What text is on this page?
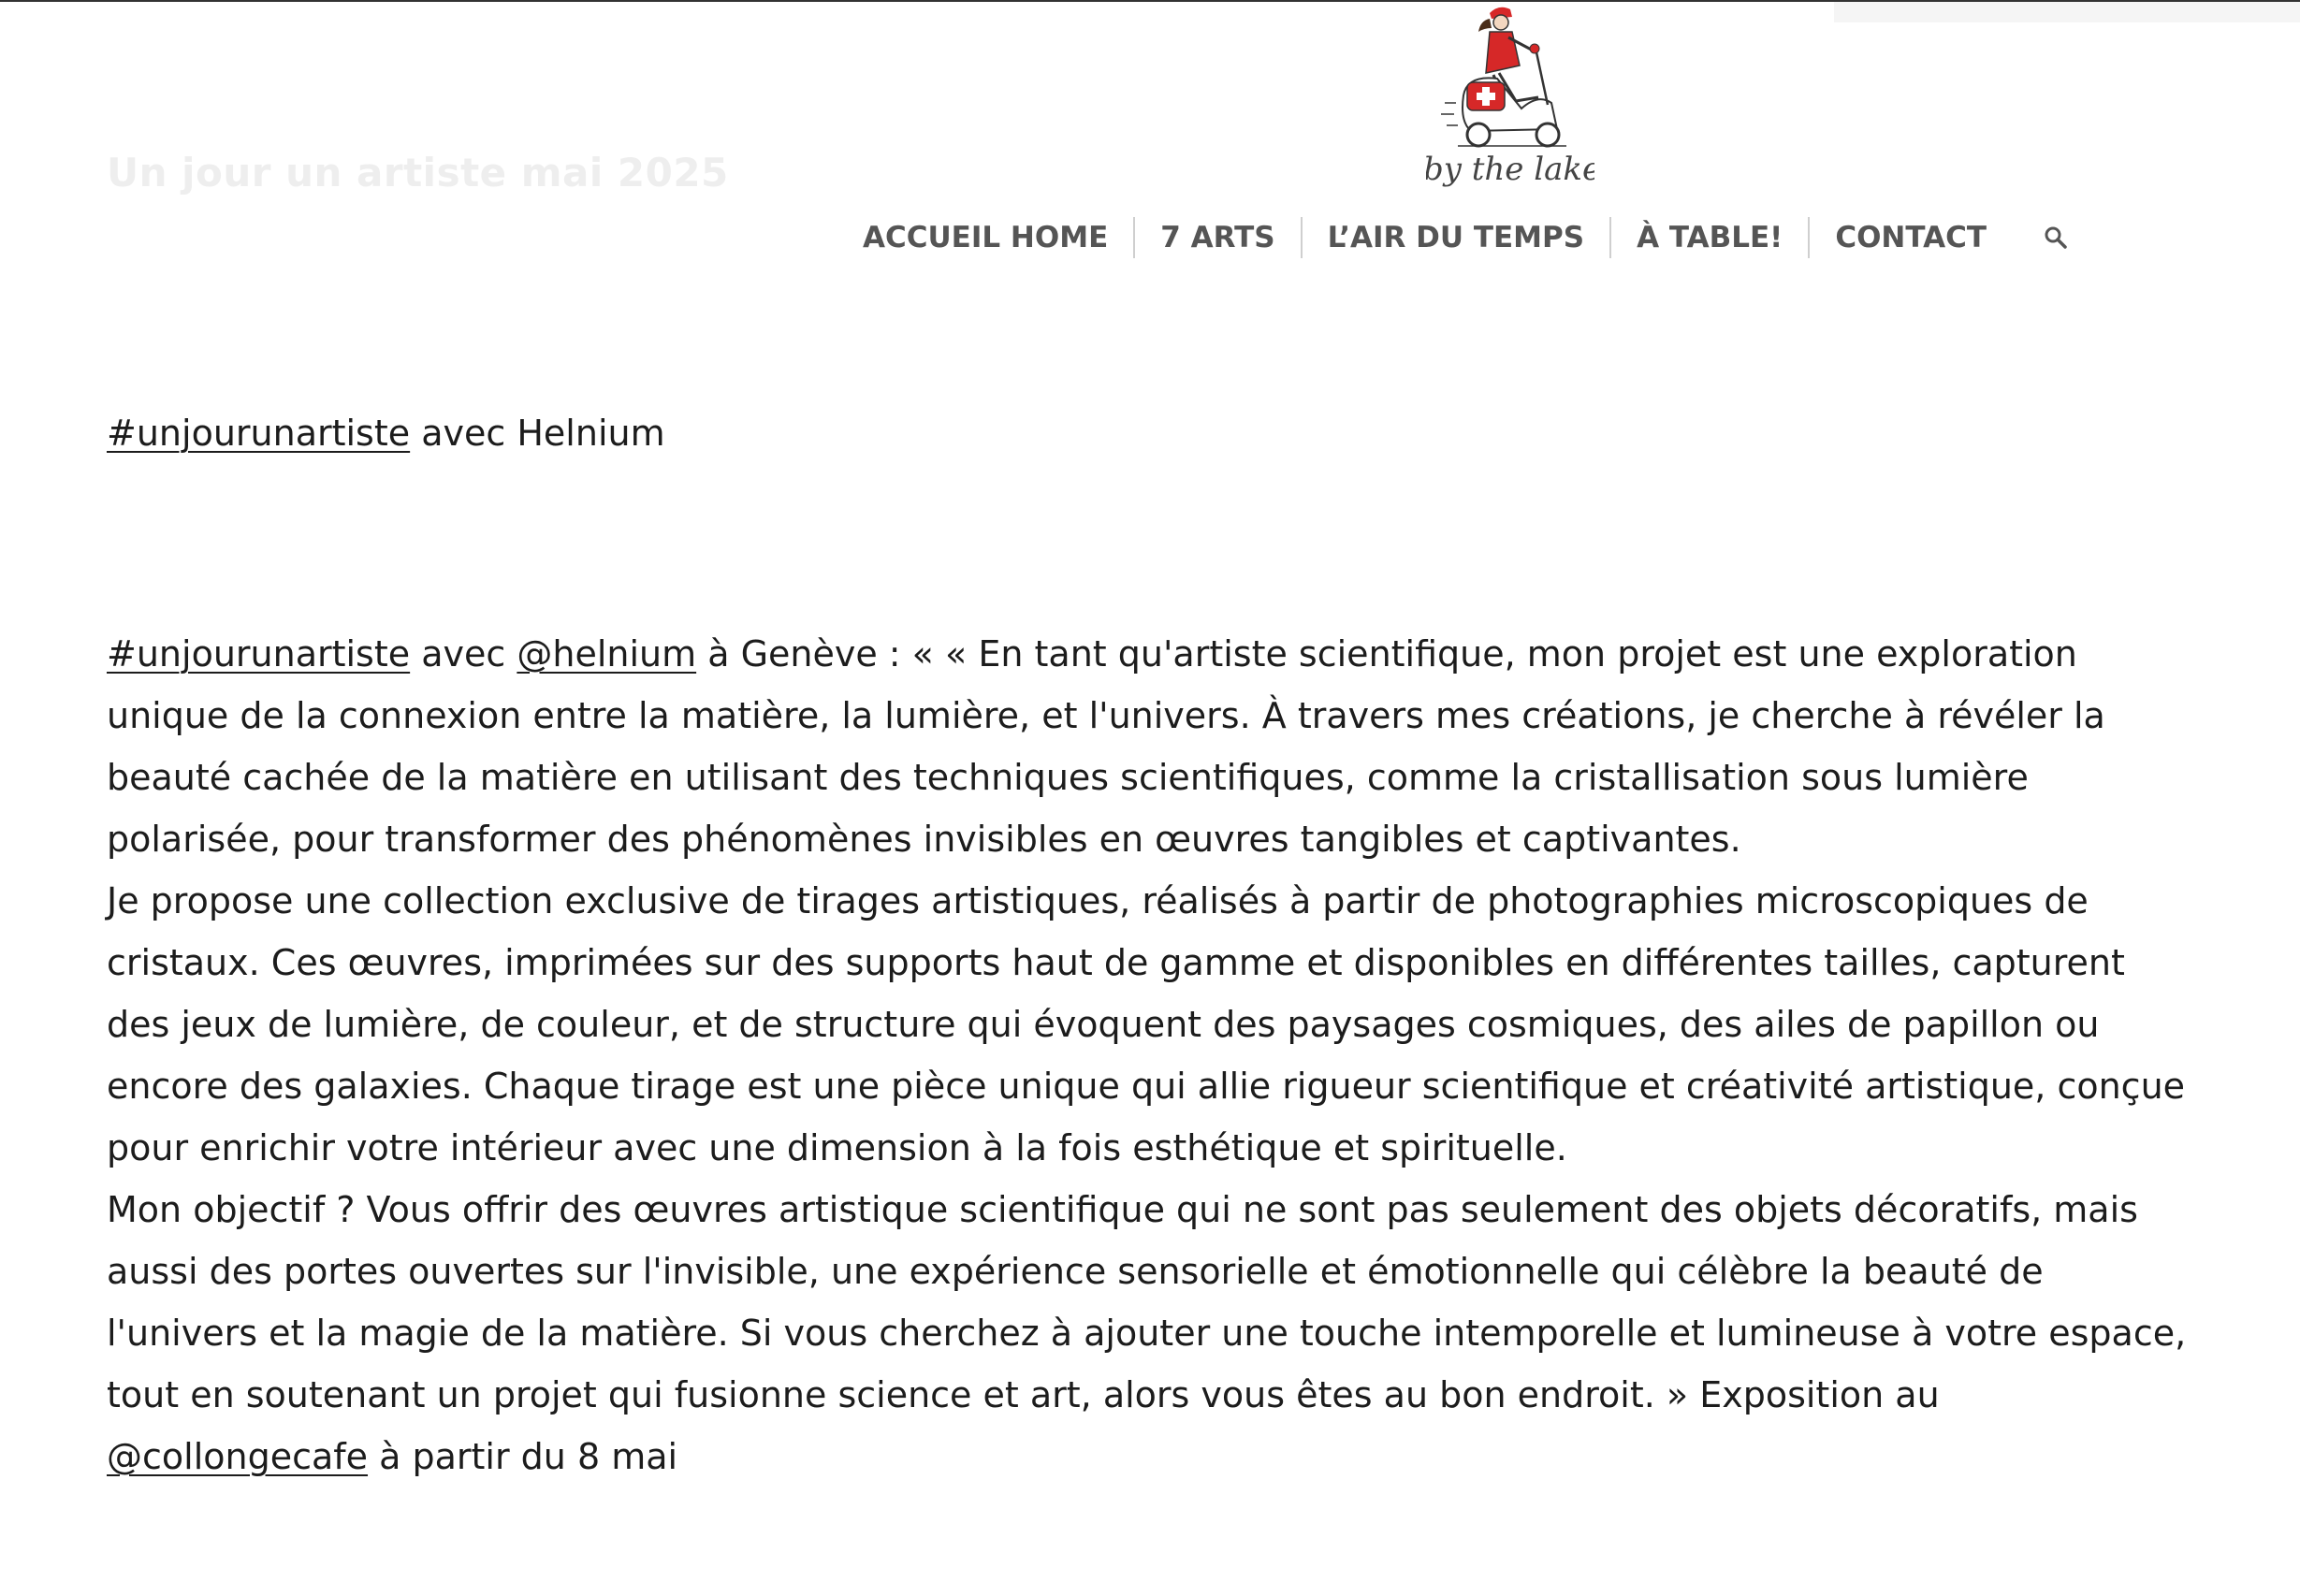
Un jour un artiste mai 2025	by the lake
ACCUEIL HOME	7 ARTS	L’AIR DU TEMPS	À TABLE!	CONTACT
#unjourunartiste avec Helnium

#unjourunartiste avec @helnium à Genève : « « En tant qu'artiste scientifique, mon projet est une exploration unique de la connexion entre la matière, la lumière, et l'univers. À travers mes créations, je cherche à révéler la beauté cachée de la matière en utilisant des techniques scientifiques, comme la cristallisation sous lumière polarisée, pour transformer des phénomènes invisibles en œuvres tangibles et captivantes.

Je propose une collection exclusive de tirages artistiques, réalisés à partir de photographies microscopiques de cristaux. Ces œuvres, imprimées sur des supports haut de gamme et disponibles en différentes tailles, capturent des jeux de lumière, de couleur, et de structure qui évoquent des paysages cosmiques, des ailes de papillon ou encore des galaxies. Chaque tirage est une pièce unique qui allie rigueur scientifique et créativité artistique, conçue pour enrichir votre intérieur avec une dimension à la fois esthétique et spirituelle.

Mon objectif ? Vous offrir des œuvres artistique scientifique qui ne sont pas seulement des objets décoratifs, mais aussi des portes ouvertes sur l'invisible, une expérience sensorielle et émotionnelle qui célèbre la beauté de l'univers et la magie de la matière. Si vous cherchez à ajouter une touche intemporelle et lumineuse à votre espace, tout en soutenant un projet qui fusionne science et art, alors vous êtes au bon endroit. » Exposition au @collongecafe à partir du 8 mai
